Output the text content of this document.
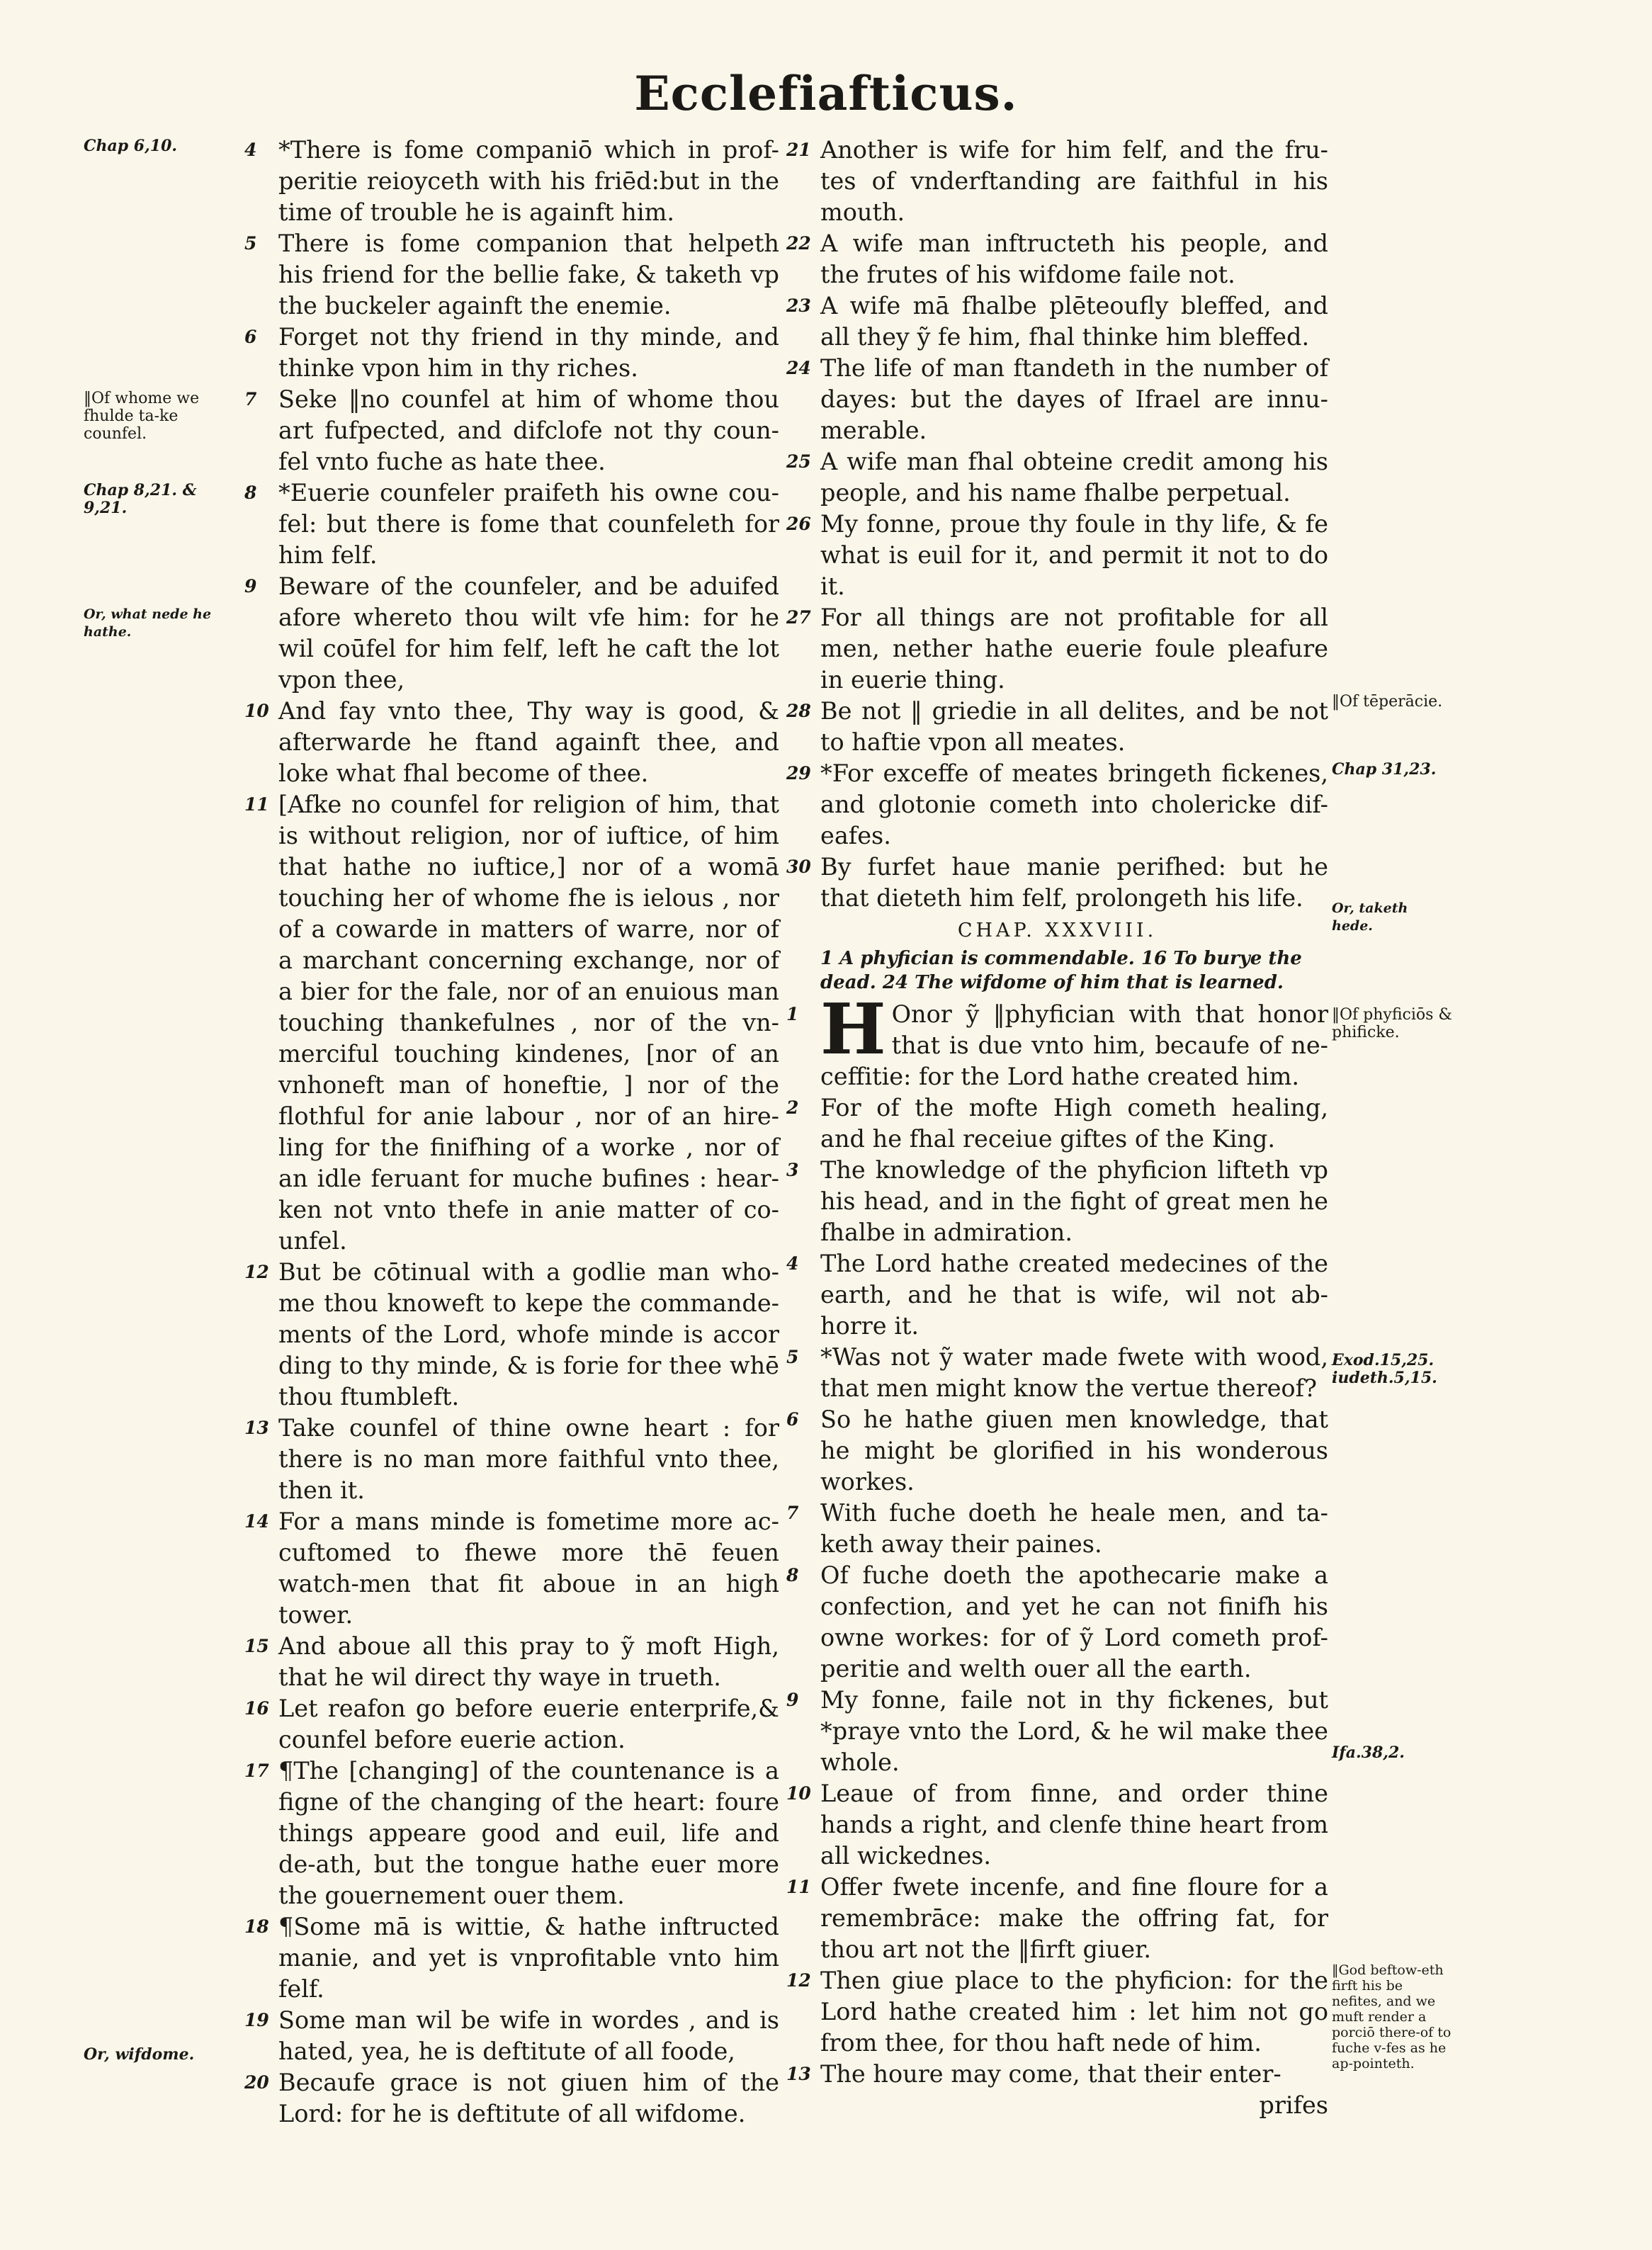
Ecclefiafticus.
Chap 6,10.
‖Of whome we fhulde ta-ke counfel.
Chap 8,21. & 9,21.
Or, what nede he hathe.
Or, wifdome.
‖Of tēperācie.
Chap 31,23.
Or, taketh hede.
‖Of phyficiōs & phificke.
Exod.15,25. iudeth.5,15.
Ifa.38,2.
‖God beftow-eth firft his be nefites, and we muft render a porciō there-of to fuche v-fes as he ap-pointeth.
4 *There is fome companiō which in prof-peritie reioyceth with his friēd:but in the time of trouble he is againft him.
5 There is fome companion that helpeth his friend for the bellie fake, & taketh vp the buckeler againft the enemie.
6 Forget not thy friend in thy minde, and thinke vpon him in thy riches.
7 Seke ‖no counfel at him of whome thou art fufpected, and difclofe not thy coun-fel vnto fuche as hate thee.
8 *Euerie counfeler praifeth his owne cou-fel: but there is fome that counfeleth for him felf.
9 Beware of the counfeler, and be aduifed afore whereto thou wilt vfe him: for he wil coūfel for him felf, left he caft the lot vpon thee,
10 And fay vnto thee, Thy way is good, & afterwarde he ftand againft thee, and loke what fhal become of thee.
11 [Afke no counfel for religion of him, that is without religion, nor of iuftice, of him that hathe no iuftice,] nor of a womā touching her of whome fhe is ielous , nor of a cowarde in matters of warre, nor of a marchant concerning exchange, nor of a bier for the fale, nor of an enuious man touching thankefulnes , nor of the vn-merciful touching kindenes, [nor of an vnhoneft man of honeftie, ] nor of the flothful for anie labour , nor of an hire-ling for the finifhing of a worke , nor of an idle feruant for muche bufines : hear-ken not vnto thefe in anie matter of co-unfel.
12 But be cōtinual with a godlie man who-me thou knoweft to kepe the commande-ments of the Lord, whofe minde is accor ding to thy minde, & is forie for thee whē thou ftumbleft.
13 Take counfel of thine owne heart : for there is no man more faithful vnto thee, then it.
14 For a mans minde is fometime more ac-cuftomed to fhewe more thē feuen watch-men that fit aboue in an high tower.
15 And aboue all this pray to ỹ moft High, that he wil direct thy waye in trueth.
16 Let reafon go before euerie enterprife,& counfel before euerie action.
17 ¶The [changing] of the countenance is a figne of the changing of the heart: foure things appeare good and euil, life and de-ath, but the tongue hathe euer more the gouernement ouer them.
18 ¶Some mā is wittie, & hathe inftructed manie, and yet is vnprofitable vnto him felf.
19 Some man wil be wife in wordes , and is hated, yea, he is deftitute of all foode,
20 Becaufe grace is not giuen him of the Lord: for he is deftitute of all wifdome.
21 Another is wife for him felf, and the fru-tes of vnderftanding are faithful in his mouth.
22 A wife man inftructeth his people, and the frutes of his wifdome faile not.
23 A wife mā fhalbe plēteoufly bleffed, and all they ỹ fe him, fhal thinke him bleffed.
24 The life of man ftandeth in the number of dayes: but the dayes of Ifrael are innu-merable.
25 A wife man fhal obteine credit among his people, and his name fhalbe perpetual.
26 My fonne, proue thy foule in thy life, & fe what is euil for it, and permit it not to do it.
27 For all things are not profitable for all men, nether hathe euerie foule pleafure in euerie thing.
28 Be not ‖ griedie in all delites, and be not to haftie vpon all meates.
29 *For exceffe of meates bringeth fickenes, and glotonie cometh into cholericke dif-eafes.
30 By furfet haue manie perifhed: but he that dieteth him felf, prolongeth his life.
CHAP. XXXVIII.
1 A phyfician is commendable. 16 To burye the dead. 24 The wifdome of him that is learned.
1 H Onor ỹ ‖phyfician with that honor that is due vnto him, becaufe of ne-ceffitie: for the Lord hathe created him.
2 For of the mofte High cometh healing, and he fhal receiue giftes of the King.
3 The knowledge of the phyficion lifteth vp his head, and in the fight of great men he fhalbe in admiration.
4 The Lord hathe created medecines of the earth, and he that is wife, wil not ab-horre it.
5 *Was not ỹ water made fwete with wood, that men might know the vertue thereof?
6 So he hathe giuen men knowledge, that he might be glorified in his wonderous workes.
7 With fuche doeth he heale men, and ta-keth away their paines.
8 Of fuche doeth the apothecarie make a confection, and yet he can not finifh his owne workes: for of ỹ Lord cometh prof-peritie and welth ouer all the earth.
9 My fonne, faile not in thy fickenes, but *praye vnto the Lord, & he wil make thee whole.
10 Leaue of from finne, and order thine hands a right, and clenfe thine heart from all wickednes.
11 Offer fwete incenfe, and fine floure for a remembrāce: make the offring fat, for thou art not the ‖firft giuer.
12 Then giue place to the phyficion: for the Lord hathe created him : let him not go from thee, for thou haft nede of him.
13 The houre may come, that their enter-
prifes
